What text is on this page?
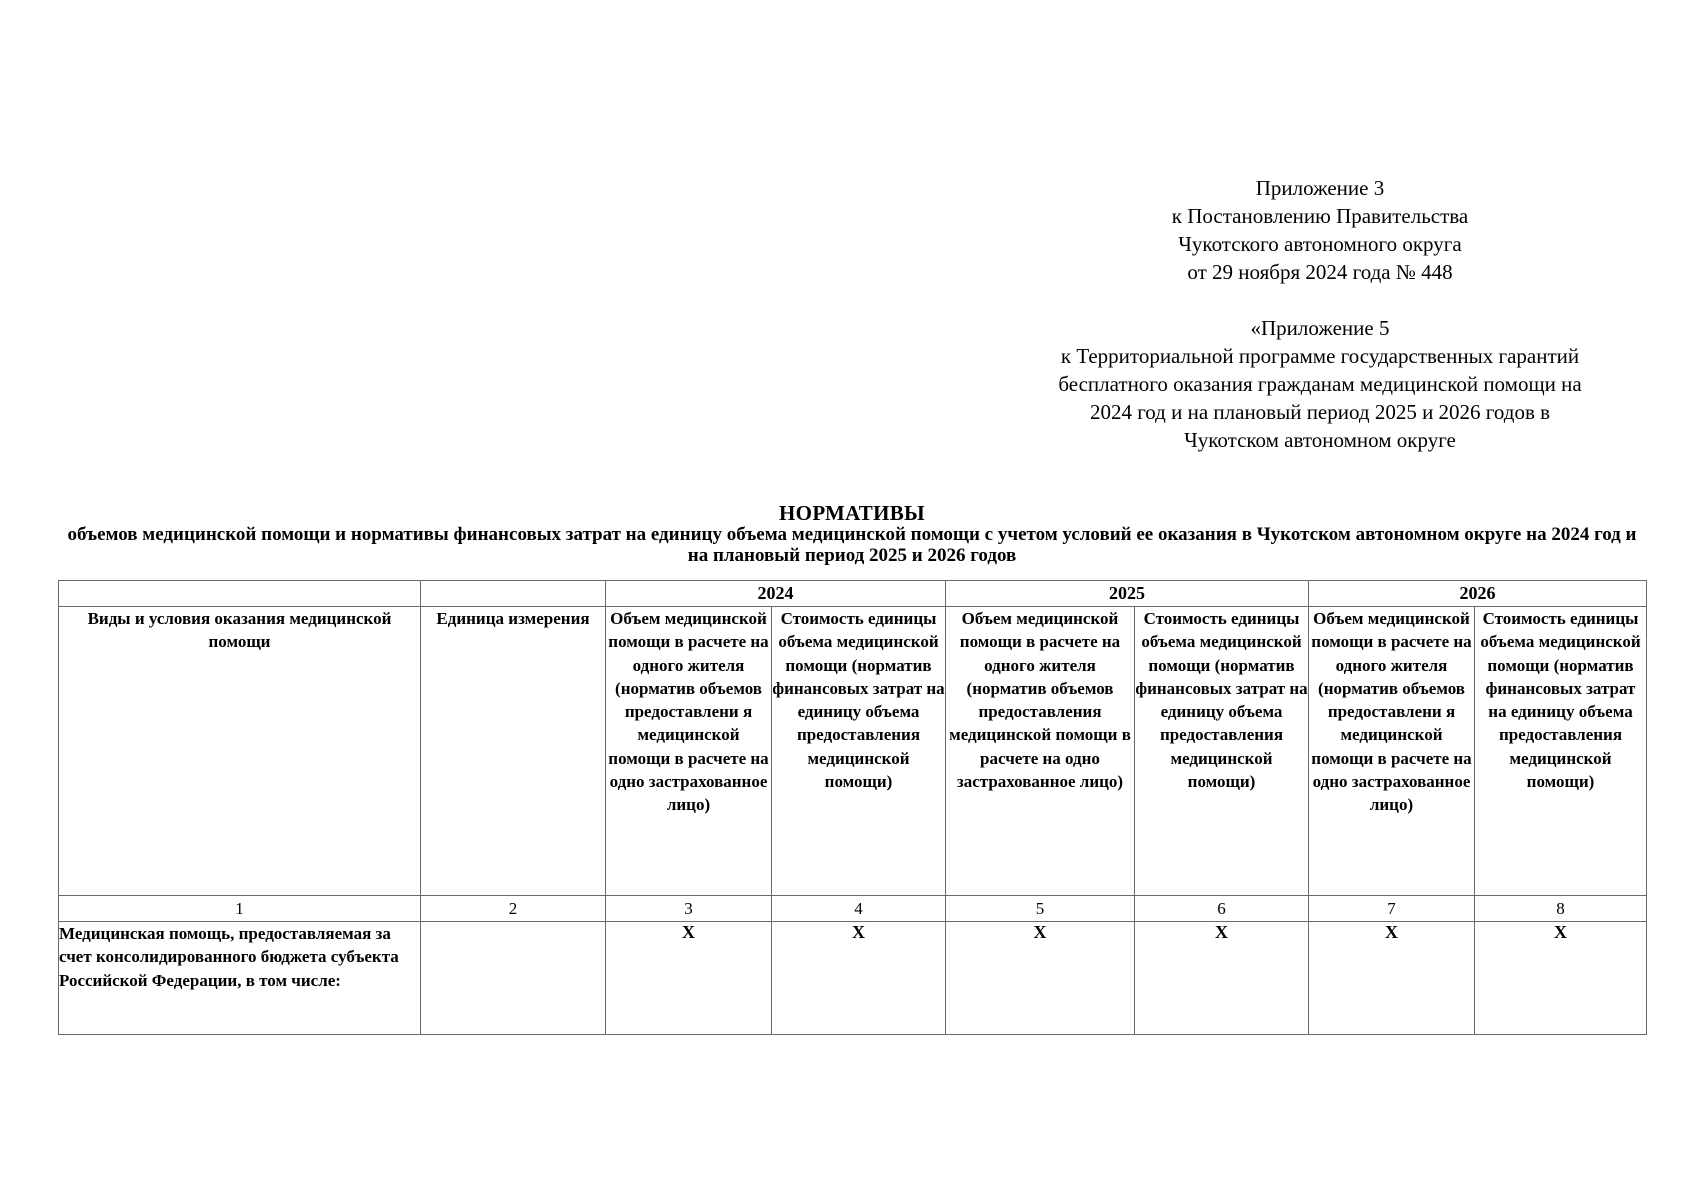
Приложение 3
к Постановлению Правительства
Чукотского автономного округа
от 29 ноября 2024 года № 448
«Приложение 5
к Территориальной программе государственных гарантий
бесплатного оказания гражданам медицинской помощи на
2024 год и на плановый период 2025 и 2026 годов в
Чукотском автономном округе
НОРМАТИВЫ
объемов медицинской помощи и нормативы финансовых затрат на единицу объема медицинской помощи с учетом условий ее оказания в Чукотском автономном округе на 2024 год и на плановый период 2025 и 2026 годов
		2024		2025		2026	
Виды и условия оказания медицинской помощи	Единица измерения	Объем медицинской помощи в расчете на одного жителя (норматив объемов предоставлени я медицинской помощи в расчете на одно застрахованное лицо)	Стоимость единицы объема медицинской помощи (норматив финансовых затрат на единицу объема предоставления медицинской помощи)	Объем медицинской помощи в расчете на одного жителя (норматив объемов предоставления медицинской помощи в расчете на одно застрахованное лицо)	Стоимость единицы объема медицинской помощи (норматив финансовых затрат на единицу объема предоставления медицинской помощи)	Объем медицинской помощи в расчете на одного жителя (норматив объемов предоставлени я медицинской помощи в расчете на одно застрахованное лицо)	Стоимость единицы объема медицинской помощи (норматив финансовых затрат на единицу объема предоставления медицинской помощи)
1	2	3	4	5	6	7	8
Медицинская помощь, предоставляемая за счет консолидированного бюджета субъекта Российской Федерации, в том числе:		Х	Х	Х	Х	Х	Х
